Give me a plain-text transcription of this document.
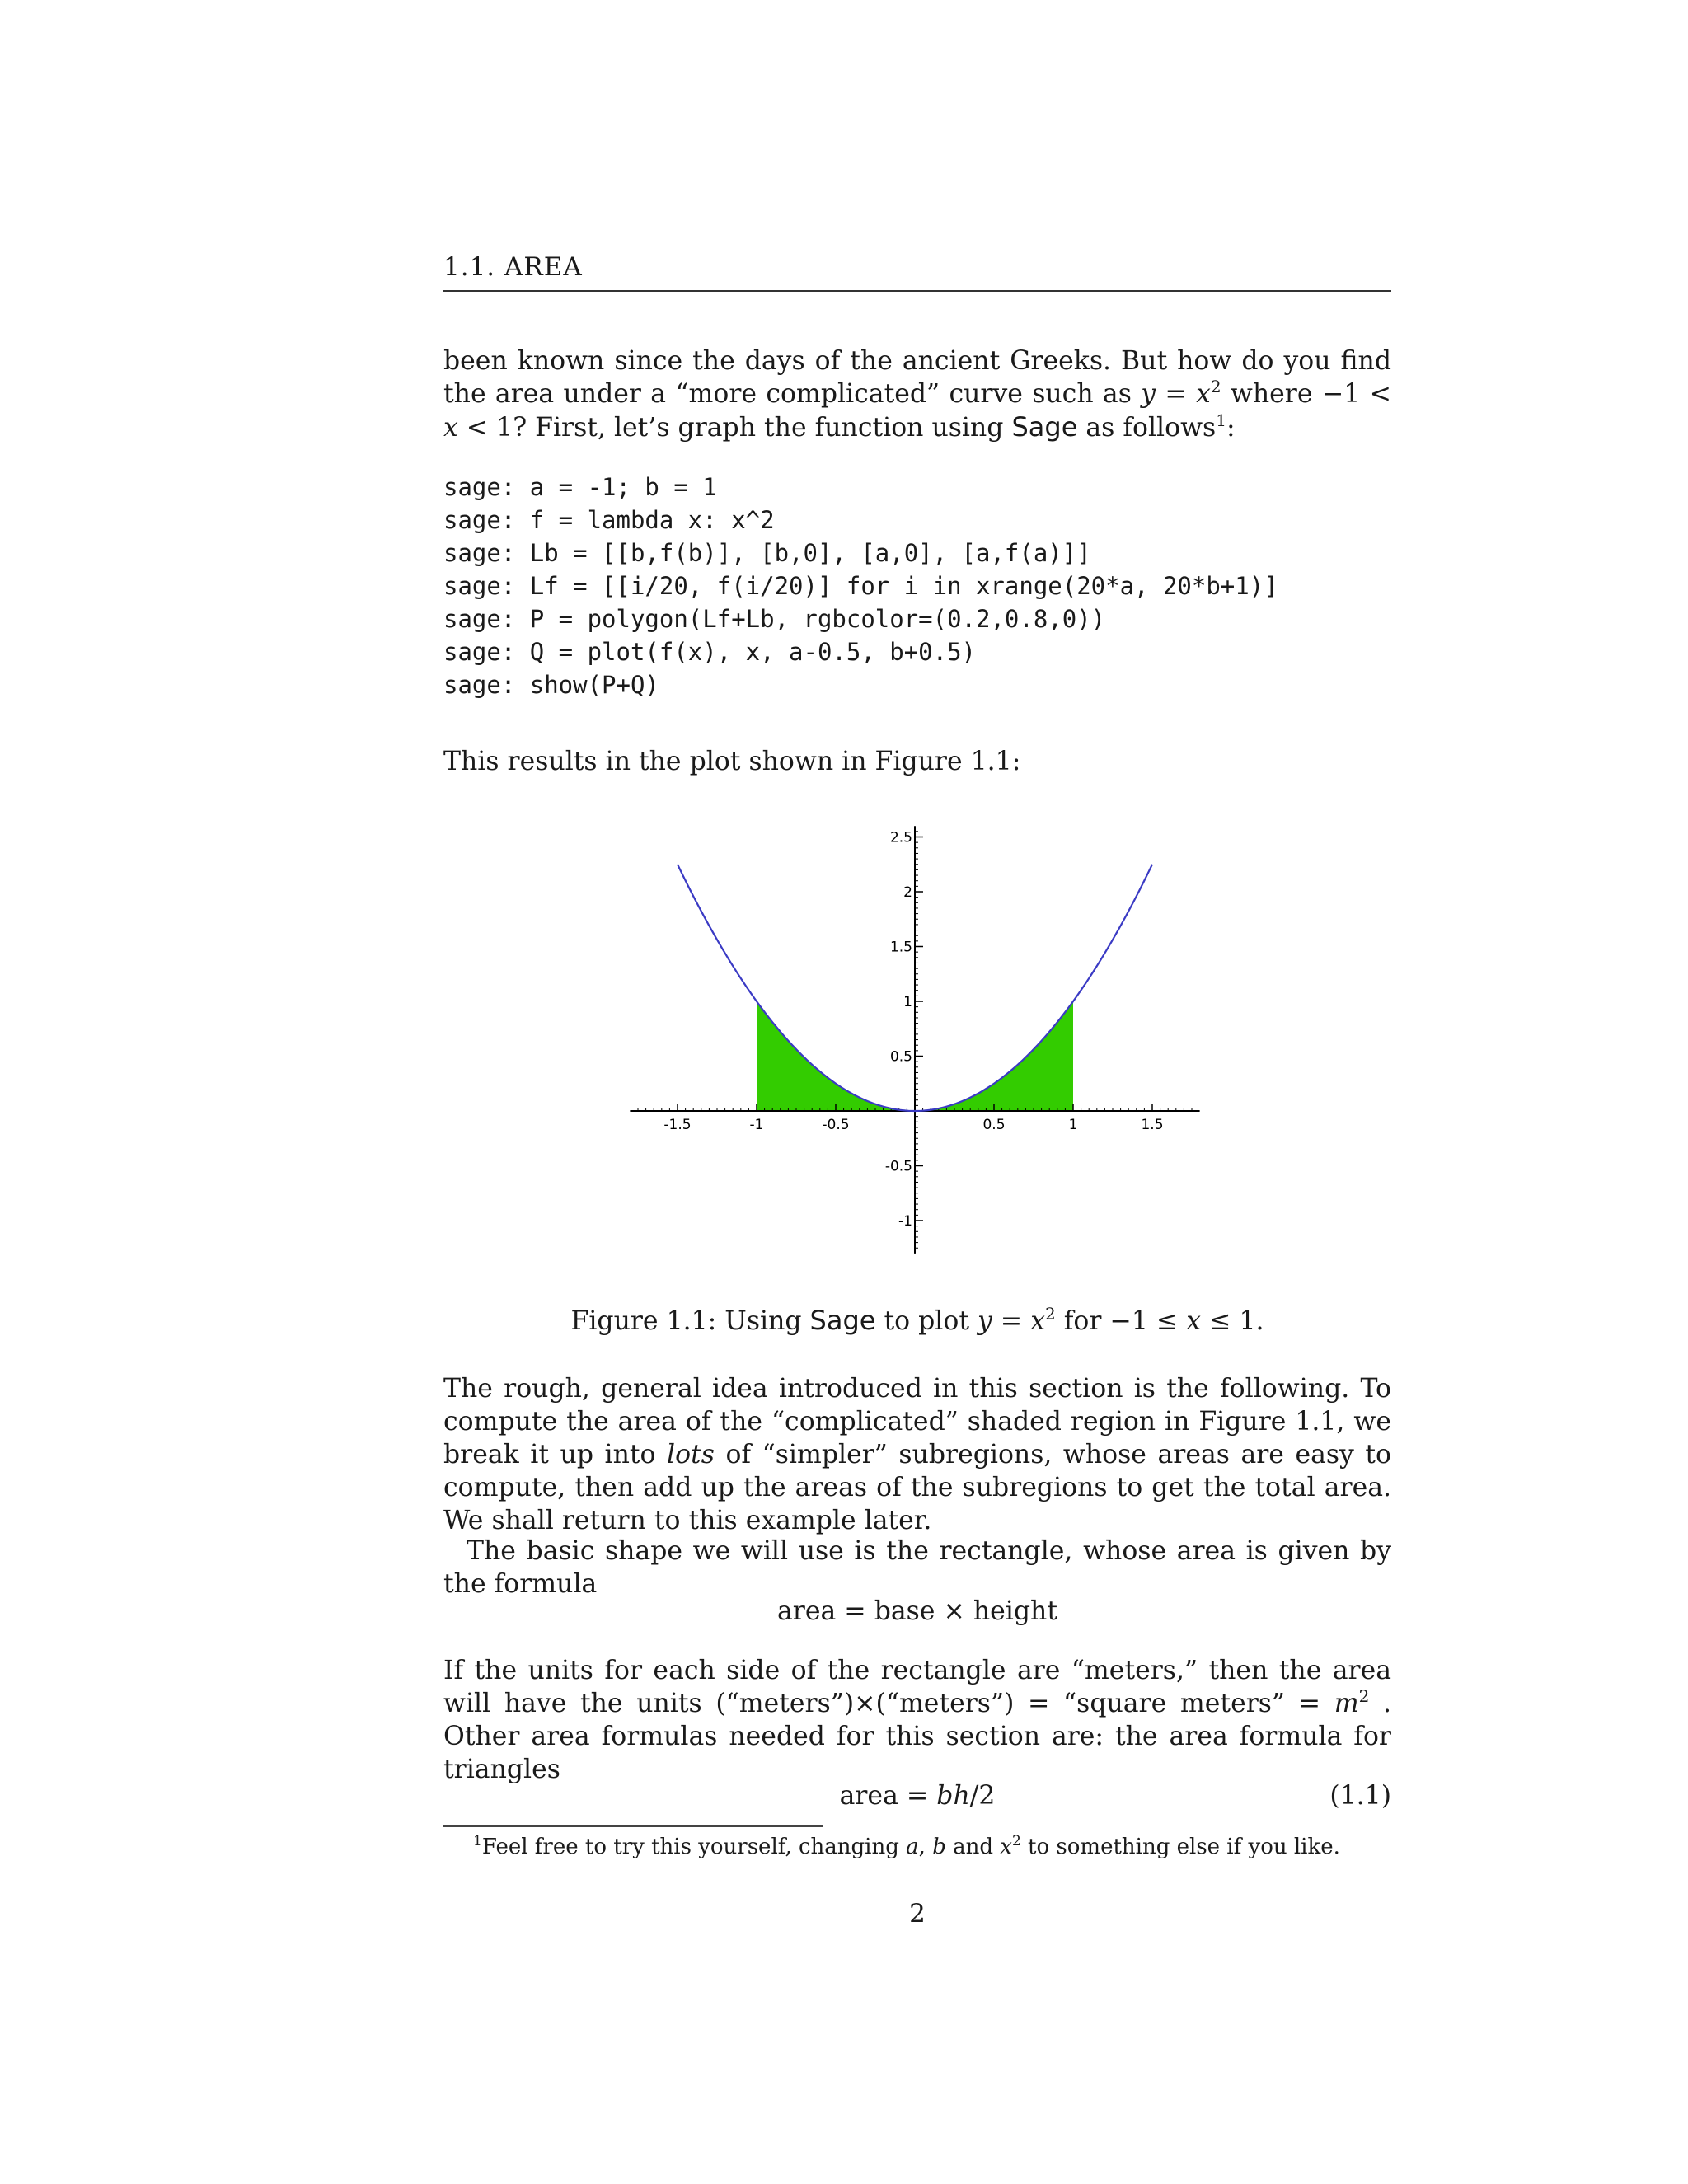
1.1. AREA

been known since the days of the ancient Greeks. But how do you find the area under a “more complicated” curve such as $y = x^2$ where −1 < x < 1? First, let’s graph the function using Sage as follows$^1$:

sage: a = -1; b = 1
sage: f = lambda x: x^2
sage: Lb = [[b,f(b)], [b,0], [a,0], [a,f(a)]]
sage: Lf = [[i/20, f(i/20)] for i in xrange(20*a, 20*b+1)]
sage: P = polygon(Lf+Lb, rgbcolor=(0.2,0.8,0))
sage: Q = plot(f(x), x, a-0.5, b+0.5)
sage: show(P+Q)

This results in the plot shown in Figure 1.1:

-1.5	-1	-0.5	0.5	1	1.5
-1
-0.5
0.5
1
1.5
2
2.5
Figure 1.1: Using Sage to plot $y = x^2$ for −1 ≤ x ≤ 1.

The rough, general idea introduced in this section is the following. To compute the area of the “complicated” shaded region in Figure 1.1, we break it up into lots of “simpler” subregions, whose areas are easy to compute, then add up the areas of the subregions to get the total area. We shall return to this example later.

The basic shape we will use is the rectangle, whose area is given by the formula

area = base × height

If the units for each side of the rectangle are “meters,” then the area will have the units (“meters”)×(“meters”) = “square meters” = $m^2$ . Other area formulas needed for this section are: the area formula for triangles

area = bh/2	(1.1)
$^1$Feel free to try this yourself, changing a, b and $x^2$ to something else if you like.
2
